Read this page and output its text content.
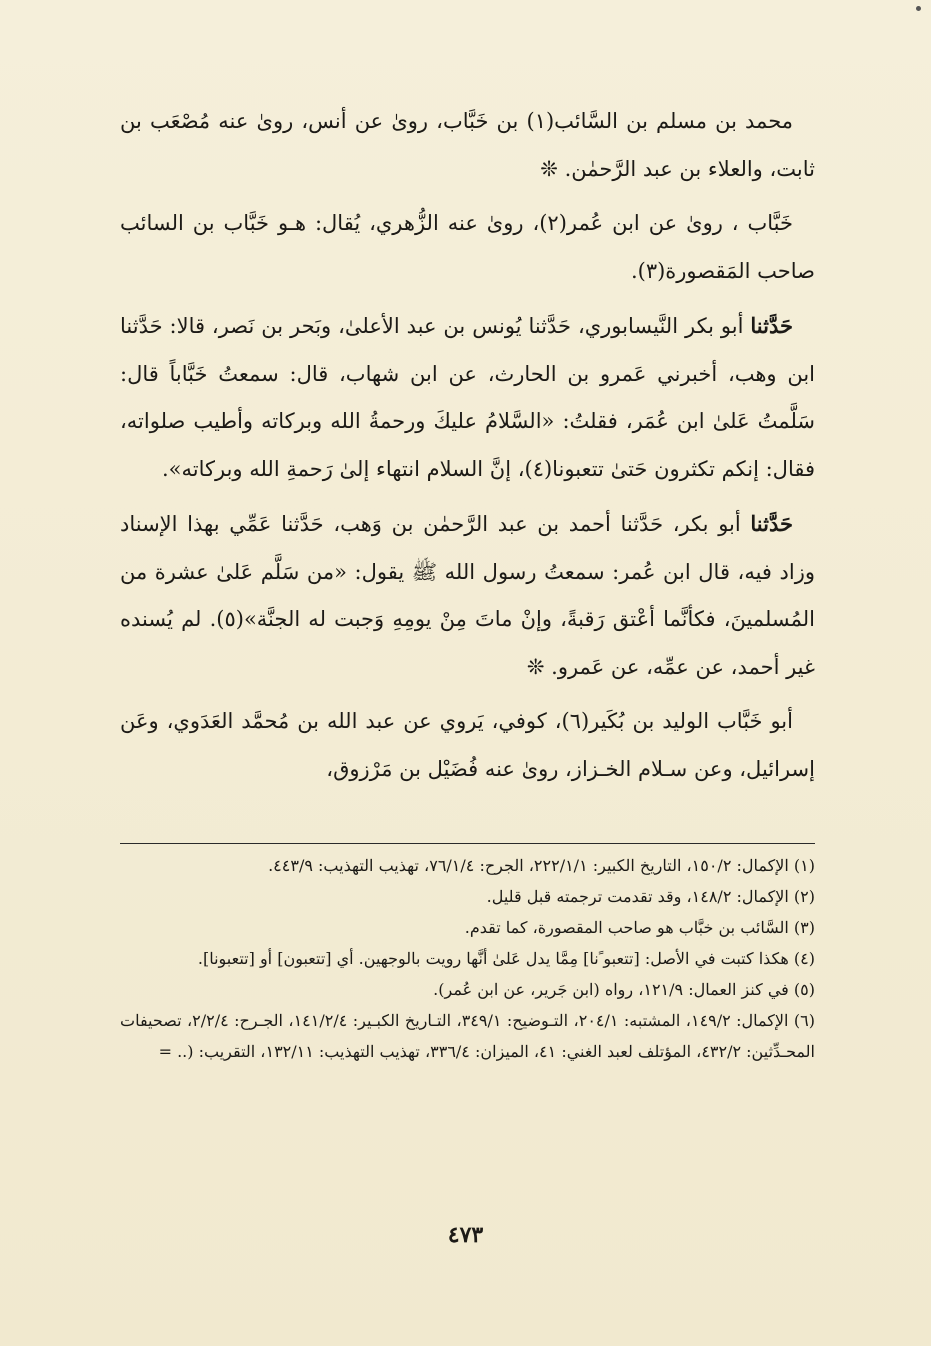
محمد بن مسلم بن السَّائب(١) بن خَبَّاب، روىٰ عن أنس، روىٰ عنه مُصْعَب بن ثابت، والعلاء بن عبد الرَّحمٰن. ❊

خَبَّاب ، روىٰ عن ابن عُمر(٢)، روىٰ عنه الزُّهري، يُقال: هـو خَبَّاب بن السائب صاحب المَقصورة(٣).

حَدَّثنا أبو بكر النَّيسابوري، حَدَّثنا يُونس بن عبد الأعلىٰ، وبَحر بن نَصر، قالا: حَدَّثنا ابن وهب، أخبرني عَمرو بن الحارث، عن ابن شهاب، قال: سمعتُ خَبَّاباً قال: سَلَّمتُ عَلىٰ ابن عُمَر، فقلتُ: «السَّلامُ عليكَ ورحمةُ الله وبركاته وأطيب صلواته، فقال: إنكم تكثرون حَتىٰ تتعبونا(٤)، إنَّ السلام انتهاء إلىٰ رَحمةِ الله وبركاته».

حَدَّثنا أبو بكر، حَدَّثنا أحمد بن عبد الرَّحمٰن بن وَهب، حَدَّثنا عَمِّي بهذا الإسناد وزاد فيه، قال ابن عُمر: سمعتُ رسول الله ﷺ يقول: «من سَلَّم عَلىٰ عشرة من المُسلمينَ، فكأنَّما أعْتق رَقبةً، وإنْ ماتَ مِنْ يومِهِ وَجبت له الجنَّة»(٥). لم يُسنده غير أحمد، عن عمِّه، عن عَمرو. ❊

أبو خَبَّاب الوليد بن بُكَير(٦)، كوفي، يَروي عن عبد الله بن مُحمَّد العَدَوي، وعَن إسرائيل، وعن سـلام الخـزاز، روىٰ عنه فُضَيْل بن مَرْزوق،

(١) الإكمال: ١٥٠/٢، التاريخ الكبير: ٢٢٢/١/١، الجرح: ٧٦/١/٤، تهذيب التهذيب: ٤٤٣/٩.

(٢) الإكمال: ١٤٨/٢، وقد تقدمت ترجمته قبل قليل.

(٣) السَّائب بن خبَّاب هو صاحب المقصورة، كما تقدم.

(٤) هكذا كتبت في الأصل: [تتعبو ًنا] مِمَّا يدل عَلىٰ أنَّها رويت بالوجهين. أي [تتعبون] أو [تتعبونا].

(٥) في كنز العمال: ١٢١/٩، رواه (ابن جَرير، عن ابن عُمر).

(٦) الإكمال: ١٤٩/٢، المشتبه: ٢٠٤/١، التـوضيح: ٣٤٩/١، التـاريخ الكبـير: ١٤١/٢/٤، الجـرح: ٢/٢/٤، تصحيفات المحـدِّثين: ٤٣٢/٢، المؤتلف لعبد الغني: ٤١، الميزان: ٣٣٦/٤، تهذيب التهذيب: ١٣٢/١١، التقريب: (.. =

٤٧٣
